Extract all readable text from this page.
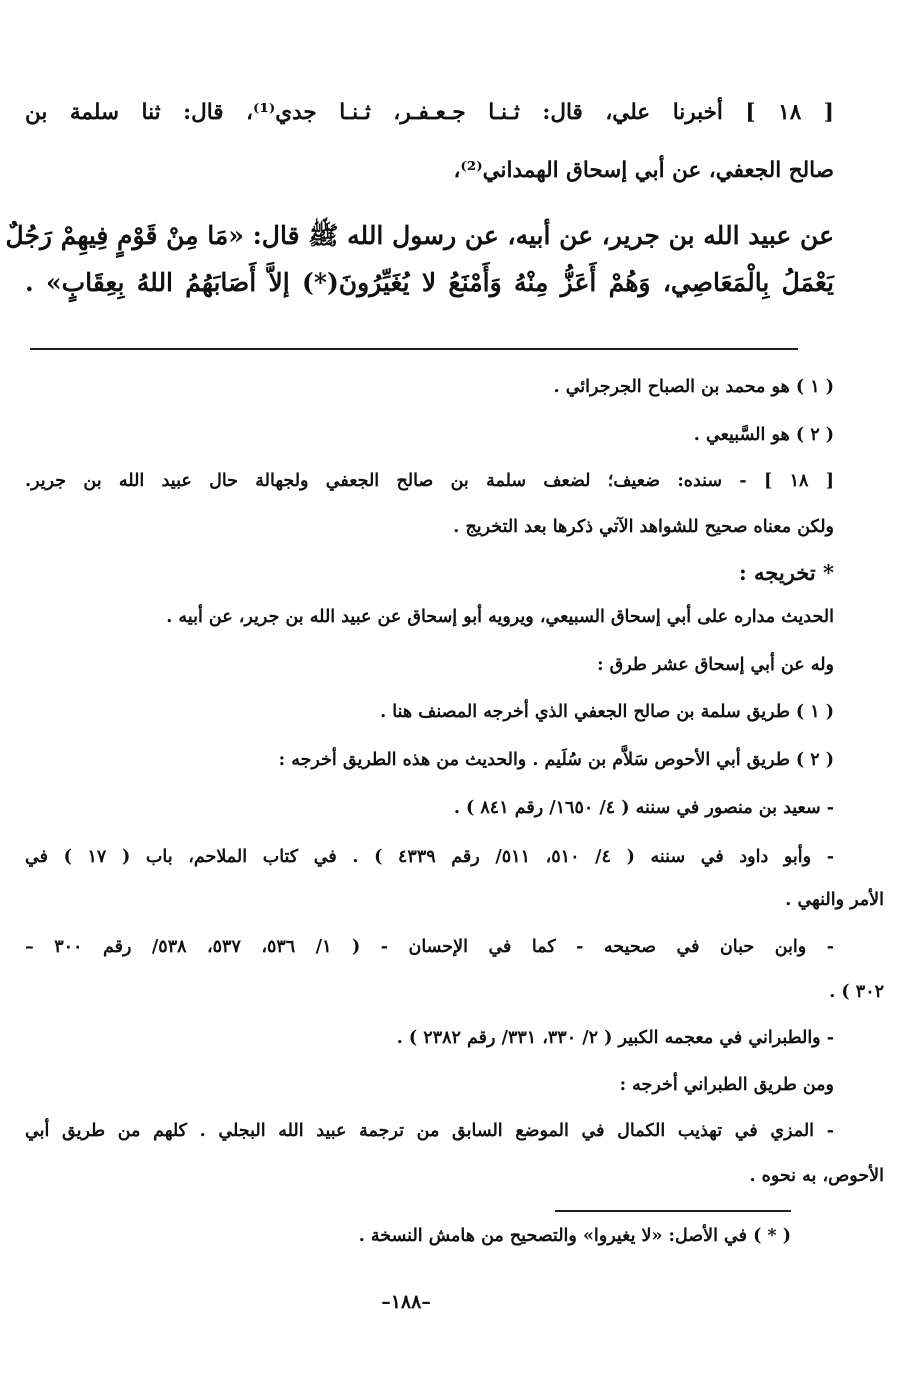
[ ١٨ ] أخبرنا علي، قال: ثـنـا جـعـفـر، ثـنـا جدي⁽¹⁾، قال: ثنا سلمة بن

صالح الجعفي، عن أبي إسحاق الهمداني⁽²⁾،

عن عبيد الله بن جرير، عن أبيه، عن رسول الله ﷺ قال: «مَا مِنْ قَوْمٍ فِيهِمْ رَجُلٌ

يَعْمَلُ بِالْمَعَاصِي، وَهُمْ أَعَزُّ مِنْهُ وَأَمْنَعُ لا يُغَيِّرُونَ(*) إلاَّ أَصَابَهُمُ اللهُ بِعِقَابٍ» .

( ١ ) هو محمد بن الصباح الجرجرائي .

( ٢ ) هو السَّبيعي .

[ ١٨ ] - سنده: ضعيف؛ لضعف سلمة بن صالح الجعفي ولجهالة حال عبيد الله بن جرير.

ولكن معناه صحيح للشواهد الآتي ذكرها بعد التخريج .

* تخريجه :

الحديث مداره على أبي إسحاق السبيعي، ويرويه أبو إسحاق عن عبيد الله بن جرير، عن أبيه .

وله عن أبي إسحاق عشر طرق :

( ١ ) طريق سلمة بن صالح الجعفي الذي أخرجه المصنف هنا .

( ٢ ) طريق أبي الأحوص سَلاَّم بن سُلَيم . والحديث من هذه الطريق أخرجه :

- سعيد بن منصور في سننه ( ٤/ ١٦٥٠/ رقم ٨٤١ ) .

- وأبو داود في سننه ( ٤/ ٥١٠، ٥١١/ رقم ٤٣٣٩ ) . في كتاب الملاحم، باب ( ١٧ ) في

الأمر والنهي .

- وابن حبان في صحيحه - كما في الإحسان - ( ١/ ٥٣٦، ٥٣٧، ٥٣٨/ رقم ٣٠٠ –

٣٠٢ ) .

- والطبراني في معجمه الكبير ( ٢/ ٣٣٠، ٣٣١/ رقم ٢٣٨٢ ) .

ومن طريق الطبراني أخرجه :

- المزي في تهذيب الكمال في الموضع السابق من ترجمة عبيد الله البجلي . كلهم من طريق أبي

الأحوص، به نحوه .

( * ) في الأصل: «لا يغيروا» والتصحيح من هامش النسخة .

–١٨٨–
